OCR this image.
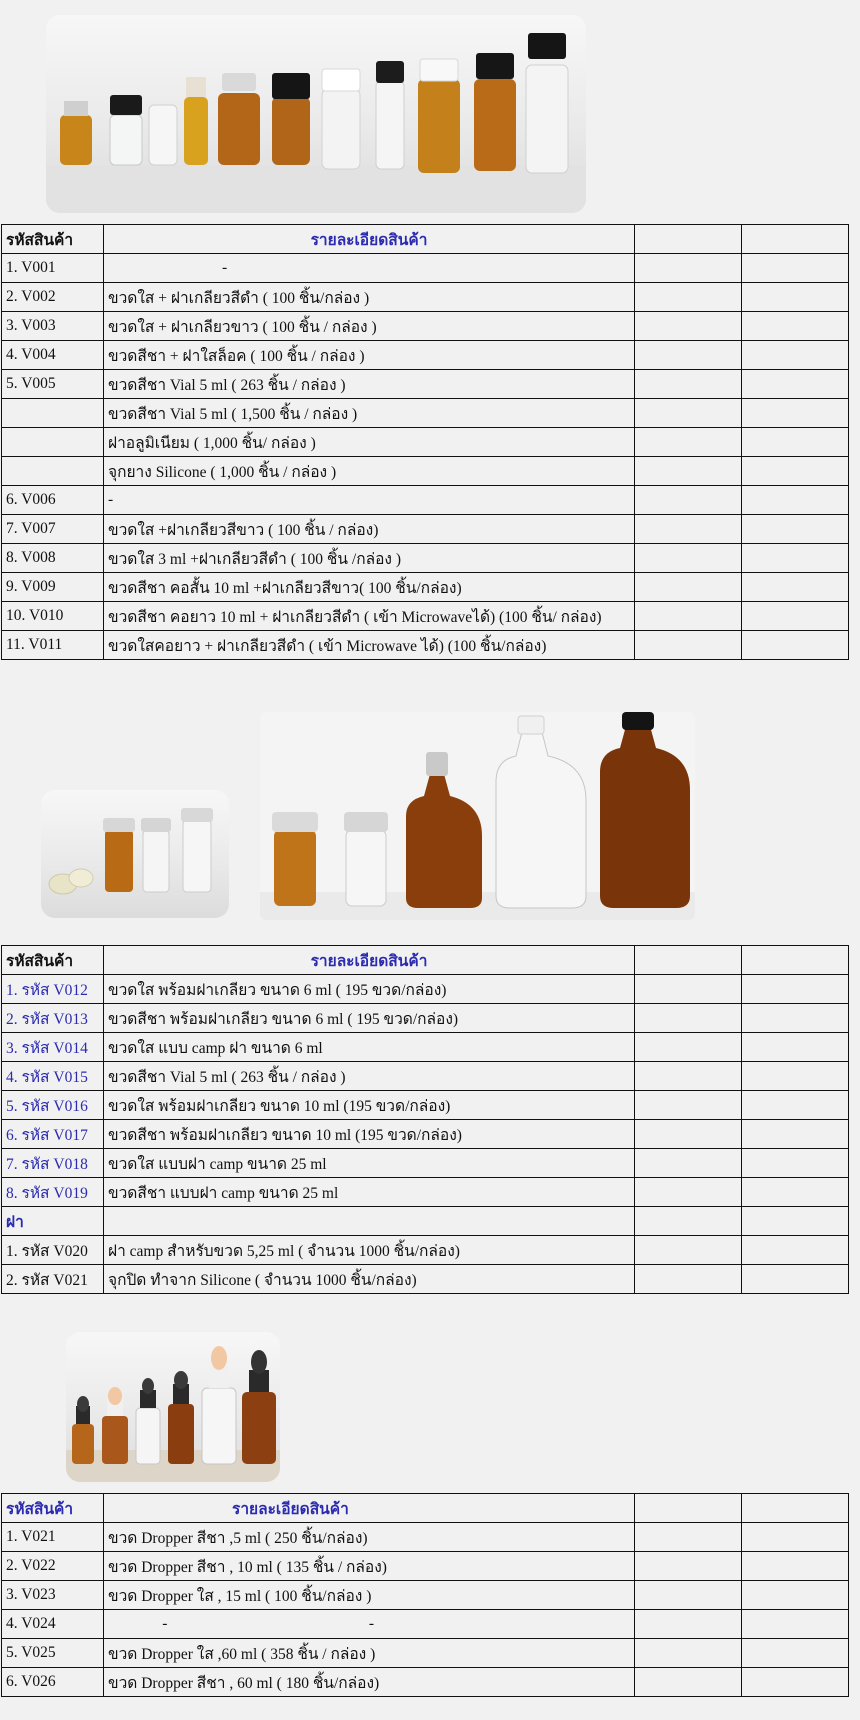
รหัสสินค้า	รายละเอียดสินค้า		
1. V001	-		
2. V002	ขวดใส + ฝาเกลียวสีดำ ( 100 ชิ้น/กล่อง )		
3. V003	ขวดใส + ฝาเกลียวขาว ( 100 ชิ้น / กล่อง )		
4. V004	ขวดสีชา + ฝาใสล็อค ( 100 ชิ้น / กล่อง )		
5. V005	ขวดสีชา Vial 5 ml ( 263 ชิ้น / กล่อง )		
	ขวดสีชา Vial 5 ml ( 1,500 ชิ้น / กล่อง )		
	ฝาอลูมิเนียม ( 1,000 ชิ้น/ กล่อง )		
	จุกยาง Silicone ( 1,000 ชิ้น / กล่อง )		
6. V006	-		
7. V007	ขวดใส +ฝาเกลียวสีขาว ( 100 ชิ้น / กล่อง)		
8. V008	ขวดใส 3 ml +ฝาเกลียวสีดำ ( 100 ชิ้น /กล่อง )		
9. V009	ขวดสีชา คอสั้น 10 ml +ฝาเกลียวสีขาว( 100 ชิ้น/กล่อง)		
10. V010	ขวดสีชา คอยาว 10 ml + ฝาเกลียวสีดำ ( เข้า Microwaveได้) (100 ชิ้น/ กล่อง)		
11. V011	ขวดใสคอยาว + ฝาเกลียวสีดำ ( เข้า Microwave ได้) (100 ชิ้น/กล่อง)		
รหัสสินค้า	รายละเอียดสินค้า		
1. รหัส V012	ขวดใส พร้อมฝาเกลียว ขนาด 6 ml ( 195 ขวด/กล่อง)		
2. รหัส V013	ขวดสีชา พร้อมฝาเกลียว ขนาด 6 ml ( 195 ขวด/กล่อง)		
3. รหัส V014	ขวดใส แบบ camp ฝา ขนาด 6 ml		
4. รหัส V015	ขวดสีชา Vial 5 ml ( 263 ชิ้น / กล่อง )		
5. รหัส V016	ขวดใส พร้อมฝาเกลียว ขนาด 10 ml (195 ขวด/กล่อง)		
6. รหัส V017	ขวดสีชา พร้อมฝาเกลียว ขนาด 10 ml (195 ขวด/กล่อง)		
7. รหัส V018	ขวดใส แบบฝา camp ขนาด 25 ml		
8. รหัส V019	ขวดสีชา แบบฝา camp ขนาด 25 ml		
ฝา			
1. รหัส V020	ฝา camp สำหรับขวด 5,25 ml ( จำนวน 1000 ชิ้น/กล่อง)		
2. รหัส V021	จุกปิด ทำจาก Silicone ( จำนวน 1000 ชิ้น/กล่อง)		
รหัสสินค้า	รายละเอียดสินค้า		
1. V021	ขวด Dropper สีชา ,5 ml ( 250 ชิ้น/กล่อง)		
2. V022	ขวด Dropper สีชา , 10 ml ( 135 ชิ้น / กล่อง)		
3. V023	ขวด Dropper ใส , 15 ml ( 100 ชิ้น/กล่อง )		
4. V024	-                                                    -		
5. V025	ขวด Dropper ใส ,60 ml ( 358 ชิ้น / กล่อง )		
6. V026	ขวด Dropper สีชา , 60 ml ( 180 ชิ้น/กล่อง)		
